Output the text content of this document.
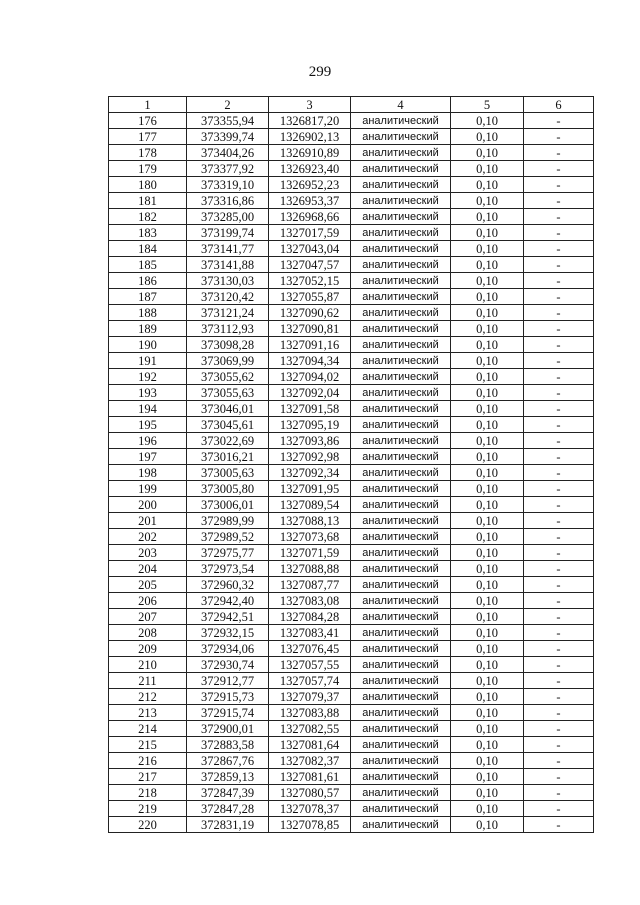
299
1	2	3	4	5	6
176	373355,94	1326817,20	аналитический	0,10	-
177	373399,74	1326902,13	аналитический	0,10	-
178	373404,26	1326910,89	аналитический	0,10	-
179	373377,92	1326923,40	аналитический	0,10	-
180	373319,10	1326952,23	аналитический	0,10	-
181	373316,86	1326953,37	аналитический	0,10	-
182	373285,00	1326968,66	аналитический	0,10	-
183	373199,74	1327017,59	аналитический	0,10	-
184	373141,77	1327043,04	аналитический	0,10	-
185	373141,88	1327047,57	аналитический	0,10	-
186	373130,03	1327052,15	аналитический	0,10	-
187	373120,42	1327055,87	аналитический	0,10	-
188	373121,24	1327090,62	аналитический	0,10	-
189	373112,93	1327090,81	аналитический	0,10	-
190	373098,28	1327091,16	аналитический	0,10	-
191	373069,99	1327094,34	аналитический	0,10	-
192	373055,62	1327094,02	аналитический	0,10	-
193	373055,63	1327092,04	аналитический	0,10	-
194	373046,01	1327091,58	аналитический	0,10	-
195	373045,61	1327095,19	аналитический	0,10	-
196	373022,69	1327093,86	аналитический	0,10	-
197	373016,21	1327092,98	аналитический	0,10	-
198	373005,63	1327092,34	аналитический	0,10	-
199	373005,80	1327091,95	аналитический	0,10	-
200	373006,01	1327089,54	аналитический	0,10	-
201	372989,99	1327088,13	аналитический	0,10	-
202	372989,52	1327073,68	аналитический	0,10	-
203	372975,77	1327071,59	аналитический	0,10	-
204	372973,54	1327088,88	аналитический	0,10	-
205	372960,32	1327087,77	аналитический	0,10	-
206	372942,40	1327083,08	аналитический	0,10	-
207	372942,51	1327084,28	аналитический	0,10	-
208	372932,15	1327083,41	аналитический	0,10	-
209	372934,06	1327076,45	аналитический	0,10	-
210	372930,74	1327057,55	аналитический	0,10	-
211	372912,77	1327057,74	аналитический	0,10	-
212	372915,73	1327079,37	аналитический	0,10	-
213	372915,74	1327083,88	аналитический	0,10	-
214	372900,01	1327082,55	аналитический	0,10	-
215	372883,58	1327081,64	аналитический	0,10	-
216	372867,76	1327082,37	аналитический	0,10	-
217	372859,13	1327081,61	аналитический	0,10	-
218	372847,39	1327080,57	аналитический	0,10	-
219	372847,28	1327078,37	аналитический	0,10	-
220	372831,19	1327078,85	аналитический	0,10	-
